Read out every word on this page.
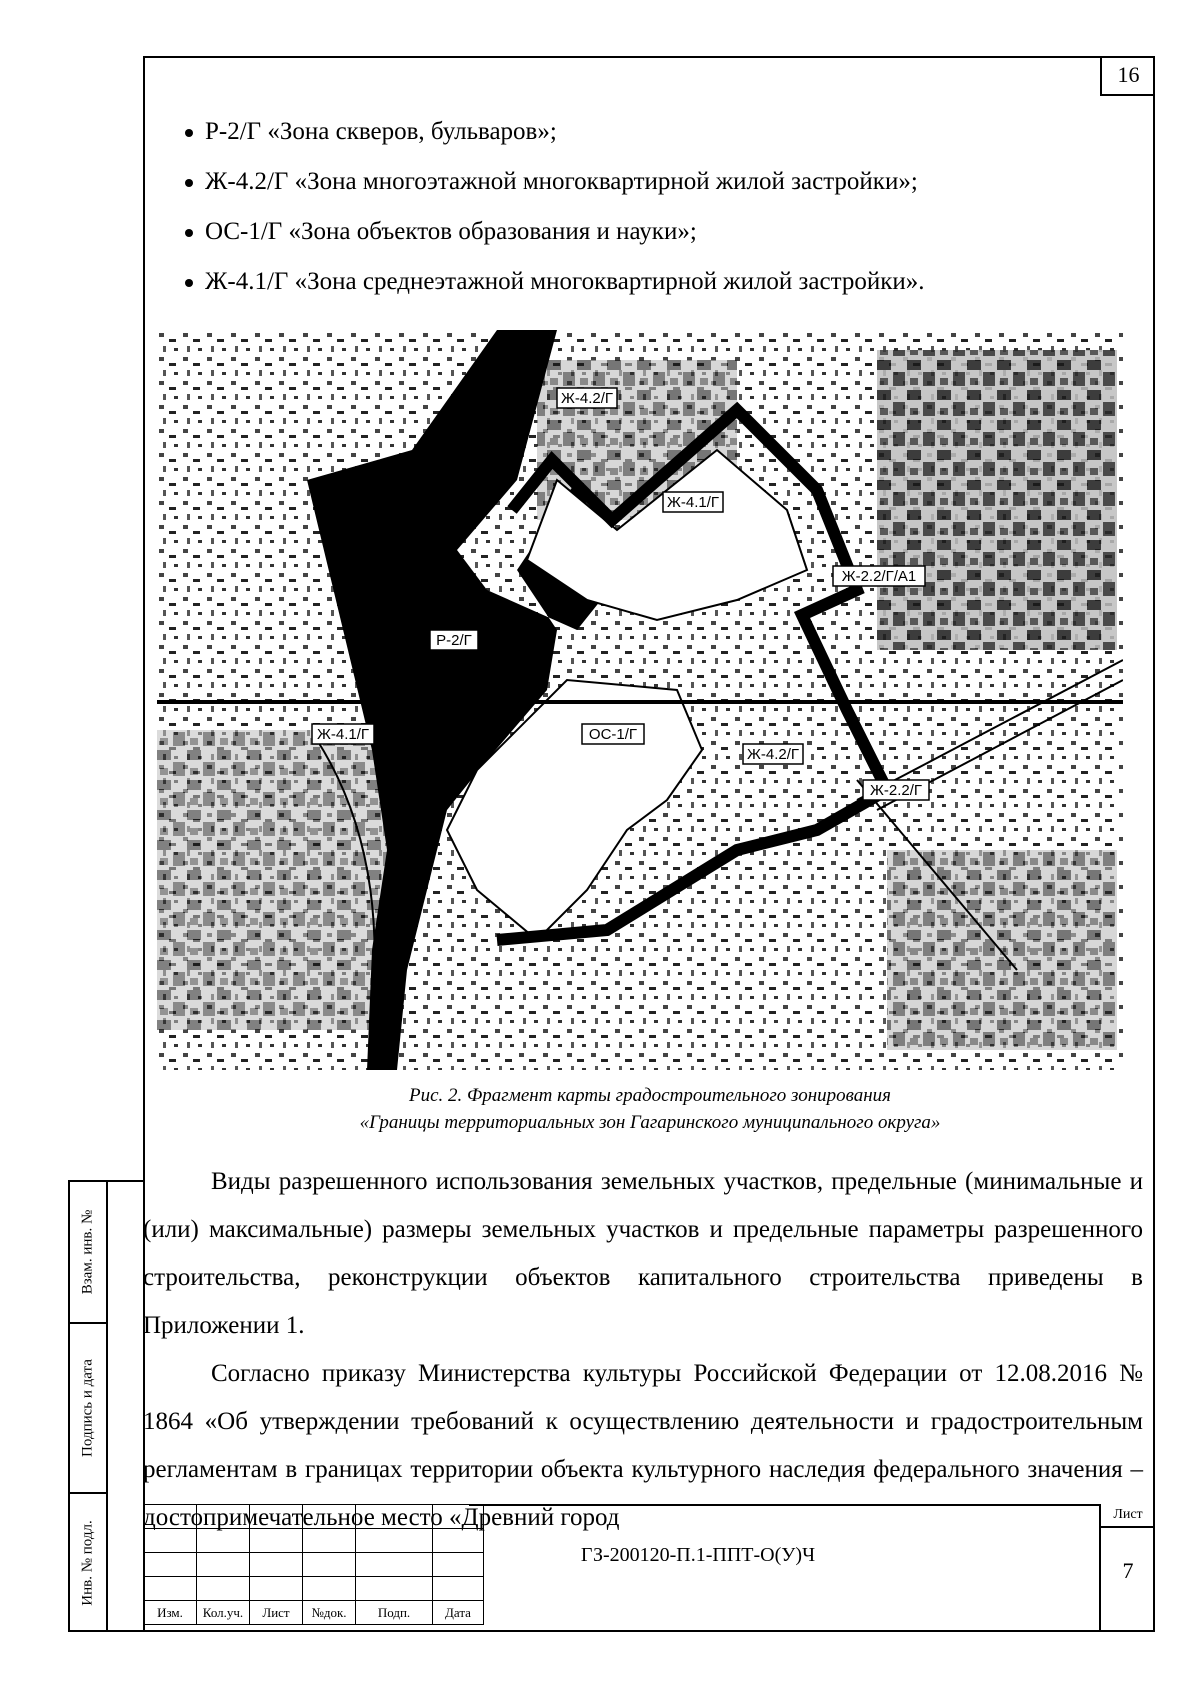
16
Р-2/Г «Зона скверов, бульваров»;
Ж-4.2/Г «Зона многоэтажной многоквартирной жилой застройки»;
ОС-1/Г «Зона объектов образования и науки»;
Ж-4.1/Г «Зона среднеэтажной многоквартирной жилой застройки».
Ж-4.2/Г
Ж-4.1/Г
Ж-2.2/Г/А1
Р-2/Г
Ж-4.1/Г	ОС-1/Г
Ж-4.2/Г
Ж-2.2/Г
Рис. 2. Фрагмент карты градостроительного зонирования
«Границы территориальных зон Гагаринского муниципального округа»

Виды разрешенного использования земельных участков, предельные (минимальные и (или) максимальные) размеры земельных участков и предельные параметры разрешенного строительства, реконструкции объектов капитального строительства приведены в Приложении 1.

Согласно приказу Министерства культуры Российской Федерации от 12.08.2016 № 1864 «Об утверждении требований к осуществлению деятельности и градостроительным регламентам в границах территории объекта культурного наследия федерального значения – достопримечательное место «Древний город

Взам. инв. №
Подпись и дата
Инв. № подл.

Изм.	Кол.уч.	Лист	№док.	Подп.	Дата
ГЗ-200120-П.1-ППТ-О(У)Ч
Лист
7
